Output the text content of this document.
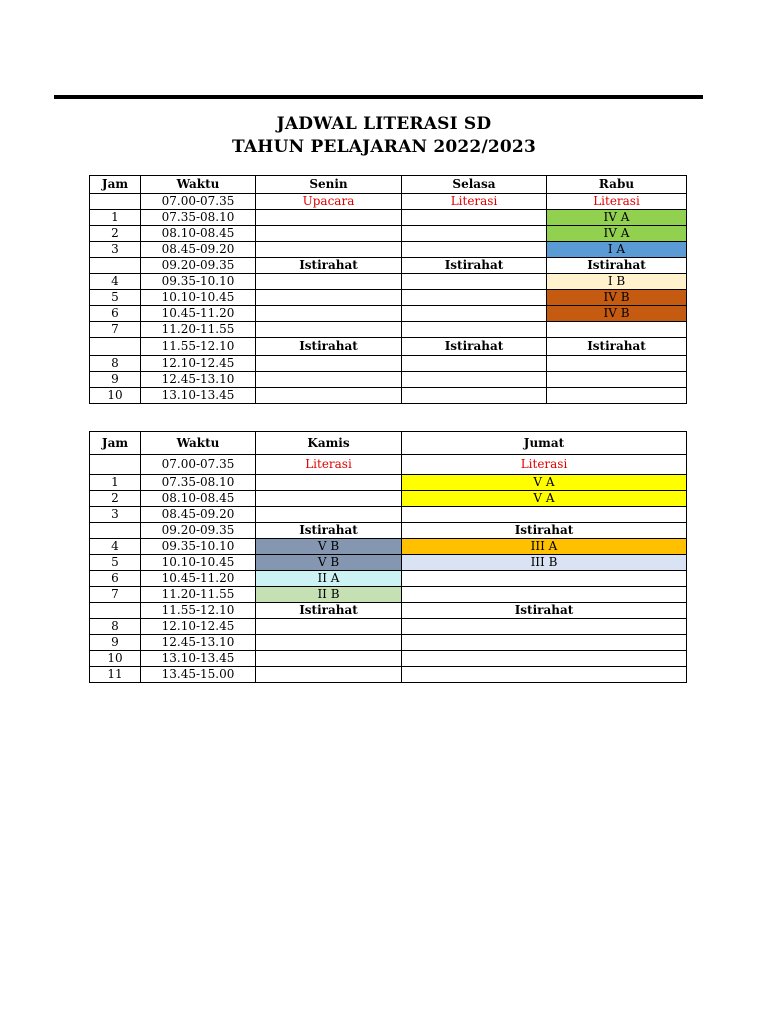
JADWAL LITERASI SD
TAHUN PELAJARAN 2022/2023
Jam	Waktu	Senin	Selasa	Rabu
	07.00-07.35	Upacara	Literasi	Literasi
1	07.35-08.10			IV A
2	08.10-08.45			IV A
3	08.45-09.20			I A
	09.20-09.35	Istirahat	Istirahat	Istirahat
4	09.35-10.10			I B
5	10.10-10.45			IV B
6	10.45-11.20			IV B
7	11.20-11.55			
	11.55-12.10	Istirahat	Istirahat	Istirahat
8	12.10-12.45			
9	12.45-13.10			
10	13.10-13.45			
Jam	Waktu	Kamis	Jumat
	07.00-07.35	Literasi	Literasi
1	07.35-08.10		V A
2	08.10-08.45		V A
3	08.45-09.20		
	09.20-09.35	Istirahat	Istirahat
4	09.35-10.10	V B	III A
5	10.10-10.45	V B	III B
6	10.45-11.20	II A	
7	11.20-11.55	II B	
	11.55-12.10	Istirahat	Istirahat
8	12.10-12.45		
9	12.45-13.10		
10	13.10-13.45		
11	13.45-15.00		
